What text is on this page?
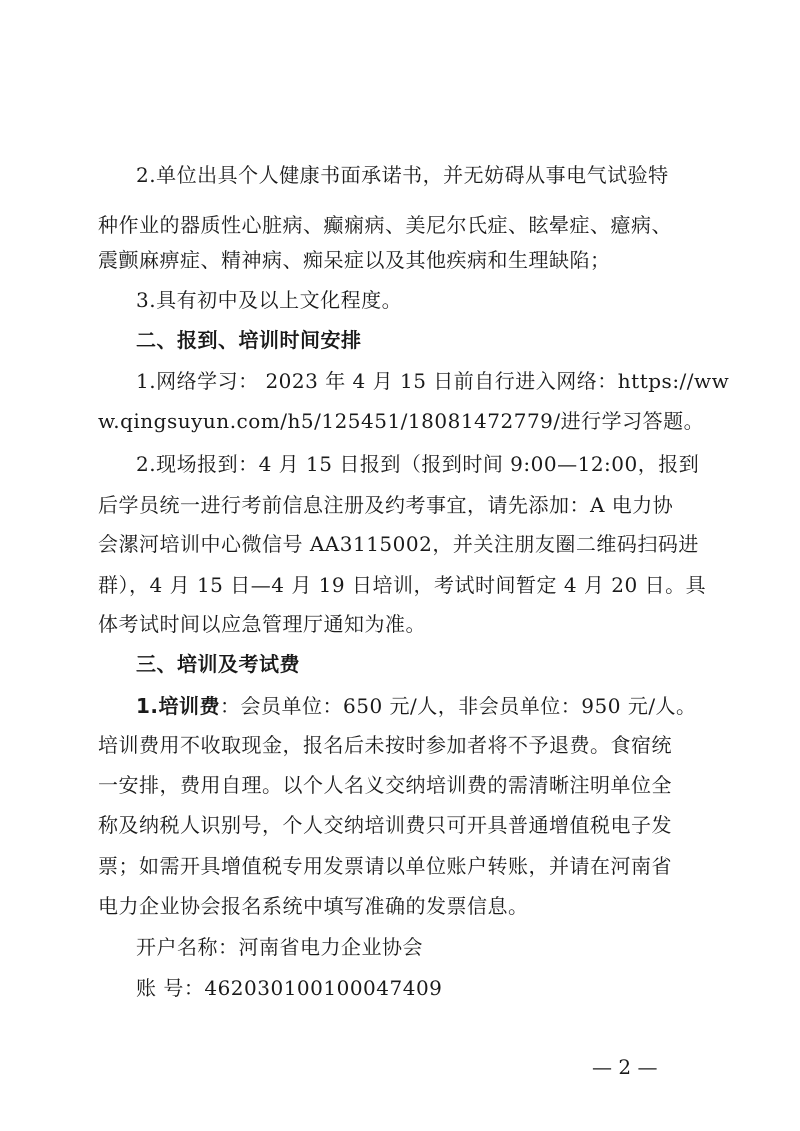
2.单位出具个人健康书面承诺书，并无妨碍从事电气试验特
种作业的器质性心脏病、癫痫病、美尼尔氏症、眩晕症、癔病、
震颤麻痹症、精神病、痴呆症以及其他疾病和生理缺陷；
3.具有初中及以上文化程度。
二、报到、培训时间安排
1.网络学习： 2023 年 4 月 15 日前自行进入网络：https://ww
w.qingsuyun.com/h5/125451/18081472779/进行学习答题。
2.现场报到：4 月 15 日报到（报到时间 9:00—12:00，报到
后学员统一进行考前信息注册及约考事宜，请先添加：A 电力协
会漯河培训中心微信号 AA3115002，并关注朋友圈二维码扫码进
群），4 月 15 日—4 月 19 日培训，考试时间暂定 4 月 20 日。具
体考试时间以应急管理厅通知为准。
三、培训及考试费
1.培训费：会员单位：650 元/人，非会员单位：950 元/人。
培训费用不收取现金，报名后未按时参加者将不予退费。食宿统
一安排，费用自理。以个人名义交纳培训费的需清晰注明单位全
称及纳税人识别号，个人交纳培训费只可开具普通增值税电子发
票；如需开具增值税专用发票请以单位账户转账，并请在河南省
电力企业协会报名系统中填写准确的发票信息。
开户名称：河南省电力企业协会
账 号：462030100100047409
— 2 —
